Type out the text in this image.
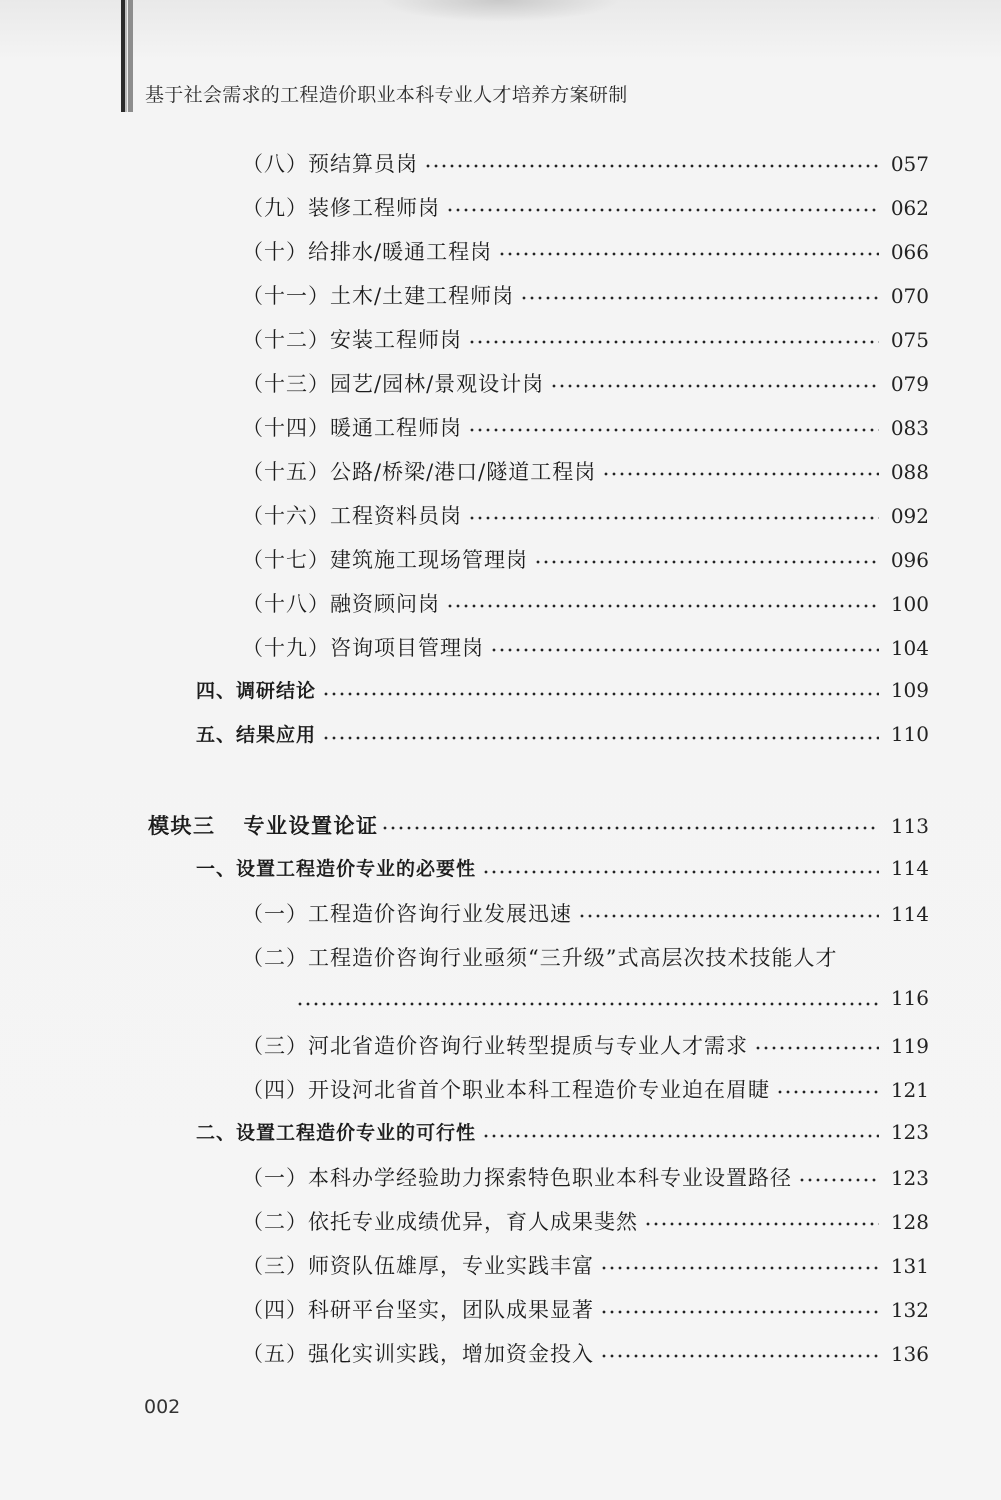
基于社会需求的工程造价职业本科专业人才培养方案研制
（八）预结算员岗	057
（九）装修工程师岗	062
（十）给排水/暖通工程岗	066
（十一）土木/土建工程师岗	070
（十二）安装工程师岗	075
（十三）园艺/园林/景观设计岗	079
（十四）暖通工程师岗	083
（十五）公路/桥梁/港口/隧道工程岗	088
（十六）工程资料员岗	092
（十七）建筑施工现场管理岗	096
（十八）融资顾问岗	100
（十九）咨询项目管理岗	104
四、调研结论	109
五、结果应用	110
模块三 专业设置论证	113
一、设置工程造价专业的必要性	114
（一）工程造价咨询行业发展迅速	114
（二）工程造价咨询行业亟须“三升级”式高层次技术技能人才
116
（三）河北省造价咨询行业转型提质与专业人才需求	119
（四）开设河北省首个职业本科工程造价专业迫在眉睫	121
二、设置工程造价专业的可行性	123
（一）本科办学经验助力探索特色职业本科专业设置路径	123
（二）依托专业成绩优异，育人成果斐然	128
（三）师资队伍雄厚，专业实践丰富	131
（四）科研平台坚实，团队成果显著	132
（五）强化实训实践，增加资金投入	136
002
